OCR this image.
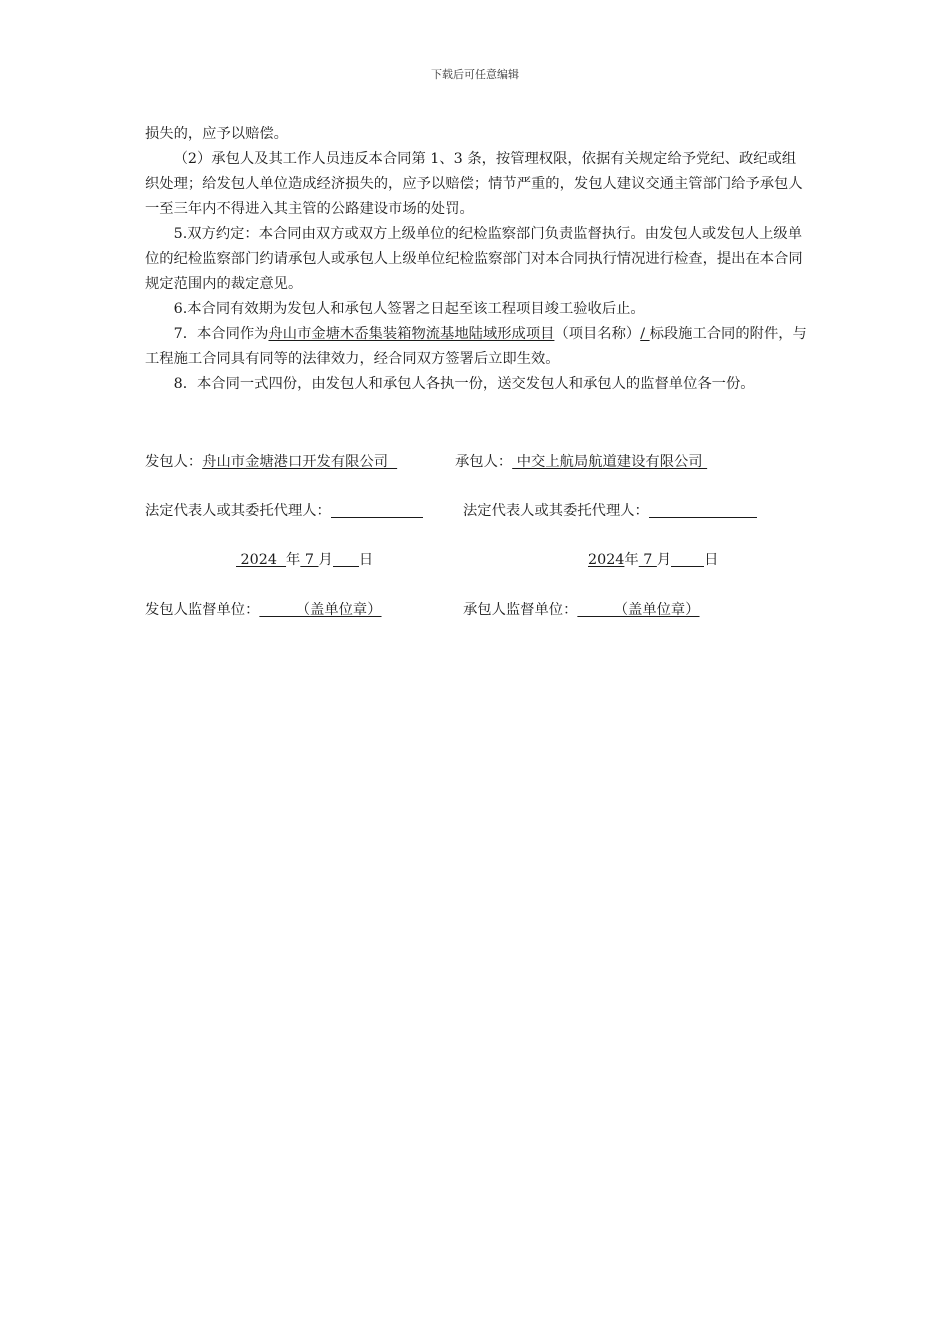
下载后可任意编辑

损失的，应予以赔偿。

（2）承包人及其工作人员违反本合同第 1、3 条，按管理权限，依据有关规定给予党纪、政纪或组织处理；给发包人单位造成经济损失的，应予以赔偿；情节严重的，发包人建议交通主管部门给予承包人一至三年内不得进入其主管的公路建设市场的处罚。

5.双方约定：本合同由双方或双方上级单位的纪检监察部门负责监督执行。由发包人或发包人上级单位的纪检监察部门约请承包人或承包人上级单位纪检监察部门对本合同执行情况进行检查，提出在本合同规定范围内的裁定意见。

6.本合同有效期为发包人和承包人签署之日起至该工程项目竣工验收后止。

7．本合同作为舟山市金塘木岙集装箱物流基地陆域形成项目（项目名称）/ 标段施工合同的附件，与工程施工合同具有同等的法律效力，经合同双方签署后立即生效。

8．本合同一式四份，由发包人和承包人各执一份，送交发包人和承包人的监督单位各一份。

发包人：舟山市金塘港口开发有限公司	承包人： 中交上航局航道建设有限公司
法定代表人或其委托代理人：	法定代表人或其委托代理人：
2024  年 7 月 日	2024年 7 月 日
发包人监督单位：        （盖单位章）	承包人监督单位：        （盖单位章）
